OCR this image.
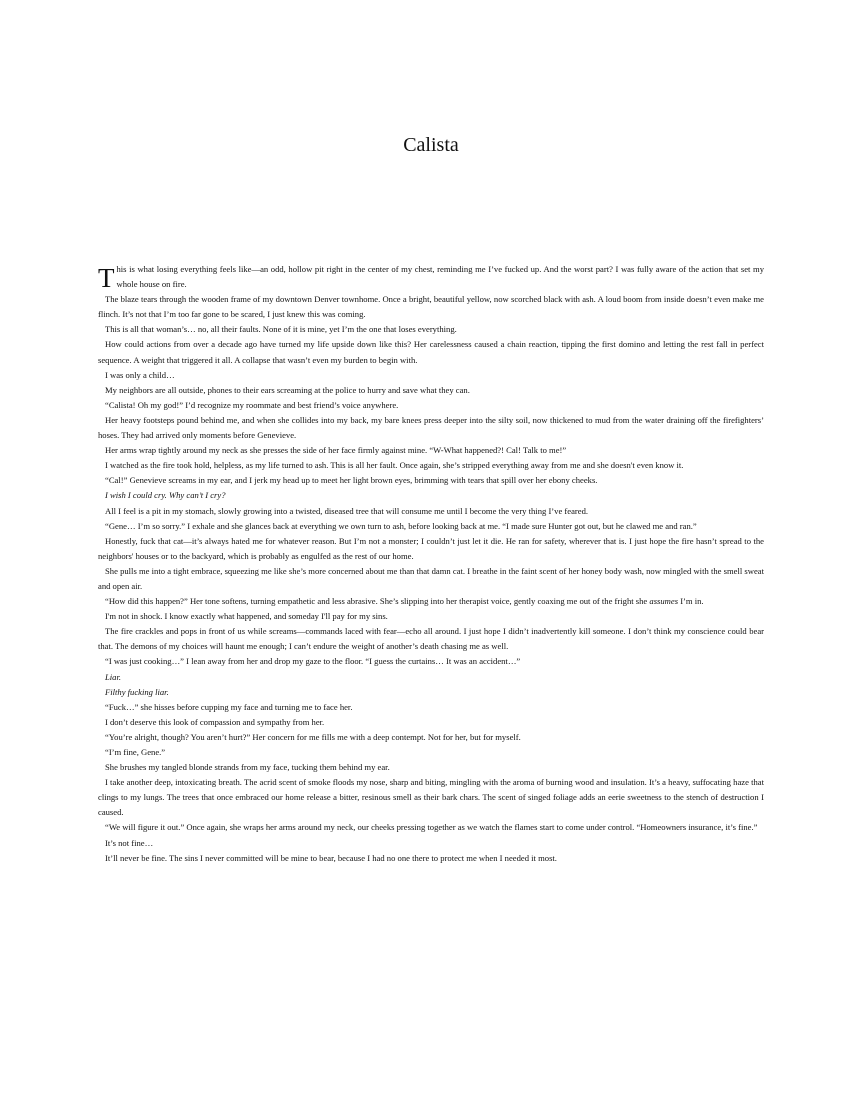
Calista

This is what losing everything feels like—an odd, hollow pit right in the center of my chest, reminding me I’ve fucked up. And the worst part? I was fully aware of the action that set my whole house on fire.

The blaze tears through the wooden frame of my downtown Denver townhome. Once a bright, beautiful yellow, now scorched black with ash. A loud boom from inside doesn’t even make me flinch. It’s not that I’m too far gone to be scared, I just knew this was coming.

This is all that woman’s… no, all their faults. None of it is mine, yet I’m the one that loses everything.

How could actions from over a decade ago have turned my life upside down like this? Her carelessness caused a chain reaction, tipping the first domino and letting the rest fall in perfect sequence. A weight that triggered it all. A collapse that wasn’t even my burden to begin with.

I was only a child…

My neighbors are all outside, phones to their ears screaming at the police to hurry and save what they can.

“Calista! Oh my god!” I’d recognize my roommate and best friend’s voice anywhere.

Her heavy footsteps pound behind me, and when she collides into my back, my bare knees press deeper into the silty soil, now thickened to mud from the water draining off the firefighters’ hoses. They had arrived only moments before Genevieve.

Her arms wrap tightly around my neck as she presses the side of her face firmly against mine. “W-What happened?! Cal! Talk to me!”

I watched as the fire took hold, helpless, as my life turned to ash. This is all her fault. Once again, she’s stripped everything away from me and she doesn't even know it.

“Cal!” Genevieve screams in my ear, and I jerk my head up to meet her light brown eyes, brimming with tears that spill over her ebony cheeks.

I wish I could cry. Why can’t I cry?

All I feel is a pit in my stomach, slowly growing into a twisted, diseased tree that will consume me until I become the very thing I’ve feared.

“Gene… I’m so sorry.” I exhale and she glances back at everything we own turn to ash, before looking back at me. “I made sure Hunter got out, but he clawed me and ran.”

Honestly, fuck that cat—it’s always hated me for whatever reason. But I’m not a monster; I couldn’t just let it die. He ran for safety, wherever that is. I just hope the fire hasn’t spread to the neighbors' houses or to the backyard, which is probably as engulfed as the rest of our home.

She pulls me into a tight embrace, squeezing me like she’s more concerned about me than that damn cat. I breathe in the faint scent of her honey body wash, now mingled with the smell sweat and open air.

“How did this happen?” Her tone softens, turning empathetic and less abrasive. She’s slipping into her therapist voice, gently coaxing me out of the fright she assumes I’m in.

I'm not in shock. I know exactly what happened, and someday I'll pay for my sins.

The fire crackles and pops in front of us while screams—commands laced with fear—echo all around. I just hope I didn’t inadvertently kill someone. I don’t think my conscience could bear that. The demons of my choices will haunt me enough; I can’t endure the weight of another’s death chasing me as well.

“I was just cooking…” I lean away from her and drop my gaze to the floor. “I guess the curtains… It was an accident…”

Liar.

Filthy fucking liar.

“Fuck…” she hisses before cupping my face and turning me to face her.

I don’t deserve this look of compassion and sympathy from her.

“You’re alright, though? You aren’t hurt?” Her concern for me fills me with a deep contempt. Not for her, but for myself.

“I’m fine, Gene.”

She brushes my tangled blonde strands from my face, tucking them behind my ear.

I take another deep, intoxicating breath. The acrid scent of smoke floods my nose, sharp and biting, mingling with the aroma of burning wood and insulation. It’s a heavy, suffocating haze that clings to my lungs. The trees that once embraced our home release a bitter, resinous smell as their bark chars. The scent of singed foliage adds an eerie sweetness to the stench of destruction I caused.

“We will figure it out.” Once again, she wraps her arms around my neck, our cheeks pressing together as we watch the flames start to come under control. “Homeowners insurance, it’s fine.”

It’s not fine…

It’ll never be fine. The sins I never committed will be mine to bear, because I had no one there to protect me when I needed it most.
